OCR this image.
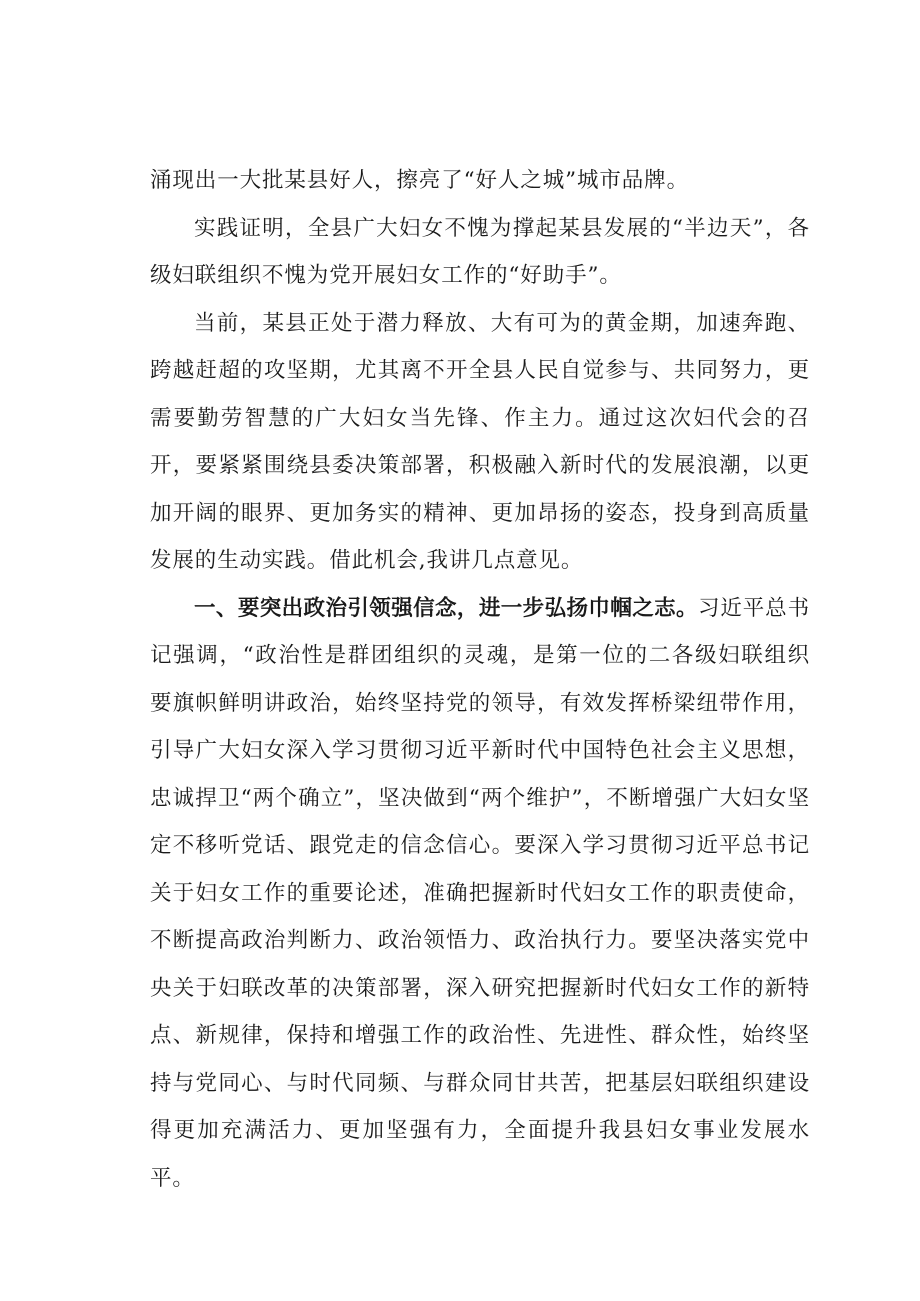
涌现出一大批某县好人，擦亮了“好人之城”城市品牌。

实践证明，全县广大妇女不愧为撑起某县发展的“半边天”，各级妇联组织不愧为党开展妇女工作的“好助手”。

当前，某县正处于潜力释放、大有可为的黄金期，加速奔跑、跨越赶超的攻坚期，尤其离不开全县人民自觉参与、共同努力，更需要勤劳智慧的广大妇女当先锋、作主力。通过这次妇代会的召开，要紧紧围绕县委决策部署，积极融入新时代的发展浪潮，以更加开阔的眼界、更加务实的精神、更加昂扬的姿态，投身到高质量发展的生动实践。借此机会,我讲几点意见。

一、要突出政治引领强信念，进一步弘扬巾帼之志。习近平总书记强调，“政治性是群团组织的灵魂，是第一位的二各级妇联组织要旗帜鲜明讲政治，始终坚持党的领导，有效发挥桥梁纽带作用，引导广大妇女深入学习贯彻习近平新时代中国特色社会主义思想，忠诚捍卫“两个确立”，坚决做到“两个维护”，不断增强广大妇女坚定不移听党话、跟党走的信念信心。要深入学习贯彻习近平总书记关于妇女工作的重要论述，准确把握新时代妇女工作的职责使命，不断提高政治判断力、政治领悟力、政治执行力。要坚决落实党中央关于妇联改革的决策部署，深入研究把握新时代妇女工作的新特点、新规律，保持和增强工作的政治性、先进性、群众性，始终坚持与党同心、与时代同频、与群众同甘共苦，把基层妇联组织建设得更加充满活力、更加坚强有力，全面提升我县妇女事业发展水平。
